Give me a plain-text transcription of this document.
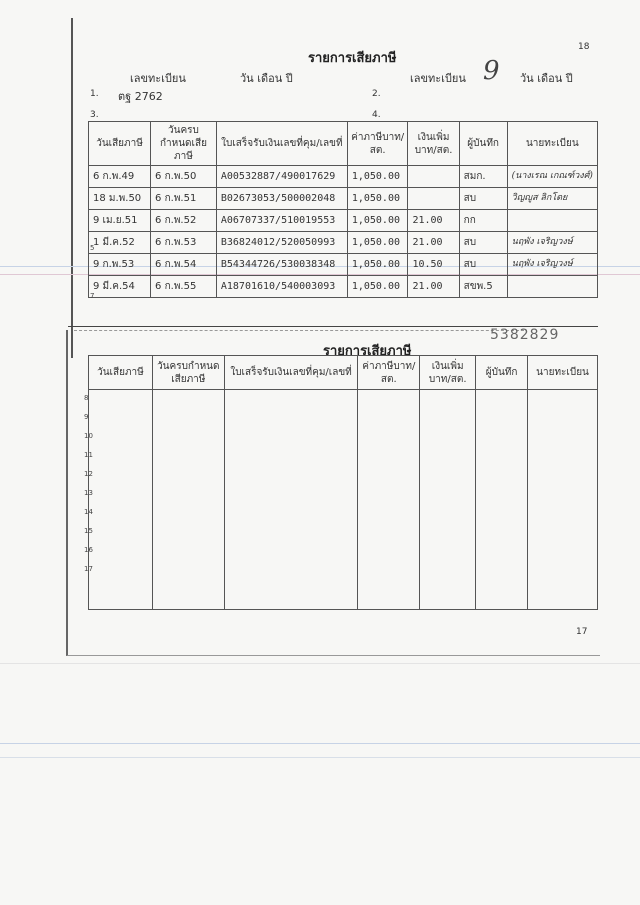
18
รายการเสียภาษี
เลขทะเบียน	วัน เดือน ปี	เลขทะเบียน 9 วัน เดือน ปี
1. ตฐ 2762	2.
3.	4.
วันเสียภาษี	วันครบกำหนดเสียภาษี	ใบเสร็จรับเงินเลขที่คุม/เลขที่	ค่าภาษีบาท/สต.	เงินเพิ่มบาท/สต.	ผู้บันทึก	นายทะเบียน
6 ก.พ.49	6 ก.พ.50	A00532887/490017629	1,050.00		สมก.	(นางเรณ เกณฑ์วงศ์)
18 ม.พ.50	6 ก.พ.51	B02673053/500002048	1,050.00		สบ	วิญญูส ลิกโดย
9 เม.ย.51	6 ก.พ.52	A06707337/510019553	1,050.00	21.00	กก	
1 มี.ค.52	6 ก.พ.53	B36824012/520050993	1,050.00	21.00	สบ	นฤพัง เจริญวงษ์
9 ก.พ.53	6 ก.พ.54	B54344726/530038348	1,050.00	10.50	สบ	นฤพัง เจริญวงษ์
9 มี.ค.54	6 ก.พ.55	A18701610/540003093	1,050.00	21.00	สขพ.5	
5
7
5382829
รายการเสียภาษี
วันเสียภาษี	วันครบกำหนดเสียภาษี	ใบเสร็จรับเงินเลขที่คุม/เลขที่	ค่าภาษีบาท/สต.	เงินเพิ่มบาท/สต.	ผู้บันทึก	นายทะเบียน

8
9
10
11
12
13
14
15
16
17
17
